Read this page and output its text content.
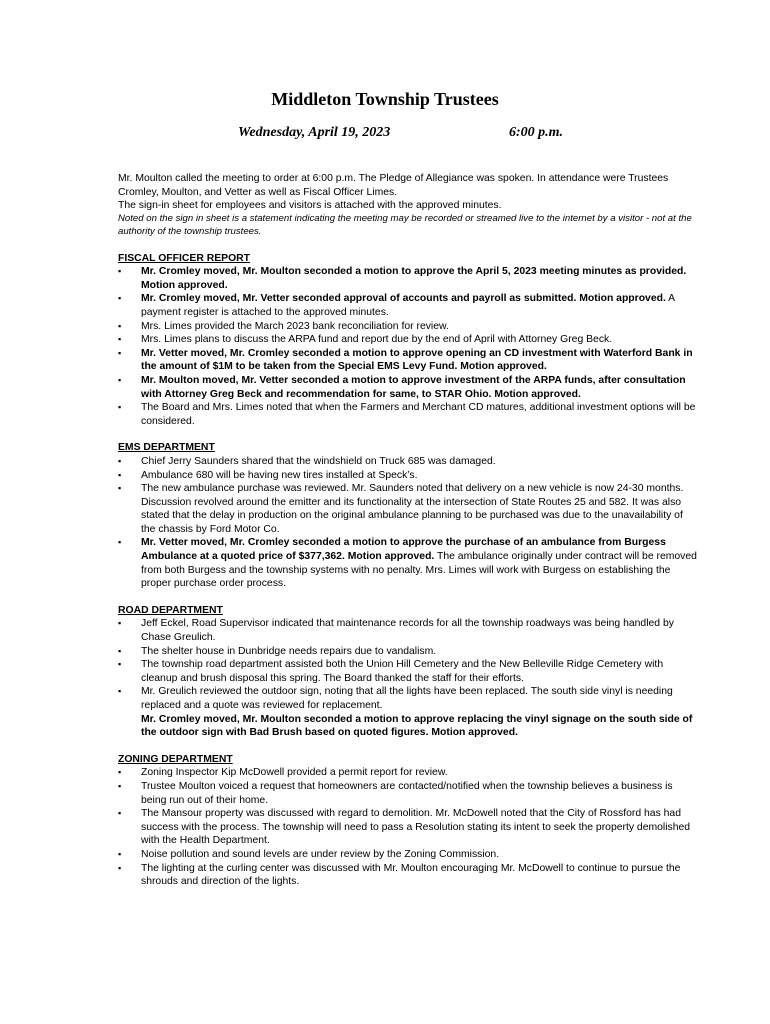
Middleton Township Trustees
Wednesday, April 19, 2023	6:00 p.m.

Mr. Moulton called the meeting to order at 6:00 p.m. The Pledge of Allegiance was spoken. In attendance were Trustees Cromley, Moulton, and Vetter as well as Fiscal Officer Limes.

The sign-in sheet for employees and visitors is attached with the approved minutes.

Noted on the sign in sheet is a statement indicating the meeting may be recorded or streamed live to the internet by a visitor - not at the authority of the township trustees.

FISCAL OFFICER REPORT
▪ Mr. Cromley moved, Mr. Moulton seconded a motion to approve the April 5, 2023 meeting minutes as provided. Motion approved.
▪ Mr. Cromley moved, Mr. Vetter seconded approval of accounts and payroll as submitted. Motion approved. A payment register is attached to the approved minutes.
▪ Mrs. Limes provided the March 2023 bank reconciliation for review.
▪ Mrs. Limes plans to discuss the ARPA fund and report due by the end of April with Attorney Greg Beck.
▪ Mr. Vetter moved, Mr. Cromley seconded a motion to approve opening an CD investment with Waterford Bank in the amount of $1M to be taken from the Special EMS Levy Fund. Motion approved.
▪ Mr. Moulton moved, Mr. Vetter seconded a motion to approve investment of the ARPA funds, after consultation with Attorney Greg Beck and recommendation for same, to STAR Ohio. Motion approved.
▪ The Board and Mrs. Limes noted that when the Farmers and Merchant CD matures, additional investment options will be considered.
EMS DEPARTMENT
▪ Chief Jerry Saunders shared that the windshield on Truck 685 was damaged.
▪ Ambulance 680 will be having new tires installed at Speck’s.
▪ The new ambulance purchase was reviewed. Mr. Saunders noted that delivery on a new vehicle is now 24-30 months. Discussion revolved around the emitter and its functionality at the intersection of State Routes 25 and 582. It was also stated that the delay in production on the original ambulance planning to be purchased was due to the unavailability of the chassis by Ford Motor Co.
▪ Mr. Vetter moved, Mr. Cromley seconded a motion to approve the purchase of an ambulance from Burgess Ambulance at a quoted price of $377,362. Motion approved. The ambulance originally under contract will be removed from both Burgess and the township systems with no penalty. Mrs. Limes will work with Burgess on establishing the proper purchase order process.
ROAD DEPARTMENT
▪ Jeff Eckel, Road Supervisor indicated that maintenance records for all the township roadways was being handled by Chase Greulich.
▪ The shelter house in Dunbridge needs repairs due to vandalism.
▪ The township road department assisted both the Union Hill Cemetery and the New Belleville Ridge Cemetery with cleanup and brush disposal this spring. The Board thanked the staff for their efforts.
▪ Mr. Greulich reviewed the outdoor sign, noting that all the lights have been replaced. The south side vinyl is needing replaced and a quote was reviewed for replacement.
Mr. Cromley moved, Mr. Moulton seconded a motion to approve replacing the vinyl signage on the south side of the outdoor sign with Bad Brush based on quoted figures. Motion approved.
ZONING DEPARTMENT
▪ Zoning Inspector Kip McDowell provided a permit report for review.
▪ Trustee Moulton voiced a request that homeowners are contacted/notified when the township believes a business is being run out of their home.
▪ The Mansour property was discussed with regard to demolition. Mr. McDowell noted that the City of Rossford has had success with the process. The township will need to pass a Resolution stating its intent to seek the property demolished with the Health Department.
▪ Noise pollution and sound levels are under review by the Zoning Commission.
▪ The lighting at the curling center was discussed with Mr. Moulton encouraging Mr. McDowell to continue to pursue the shrouds and direction of the lights.
